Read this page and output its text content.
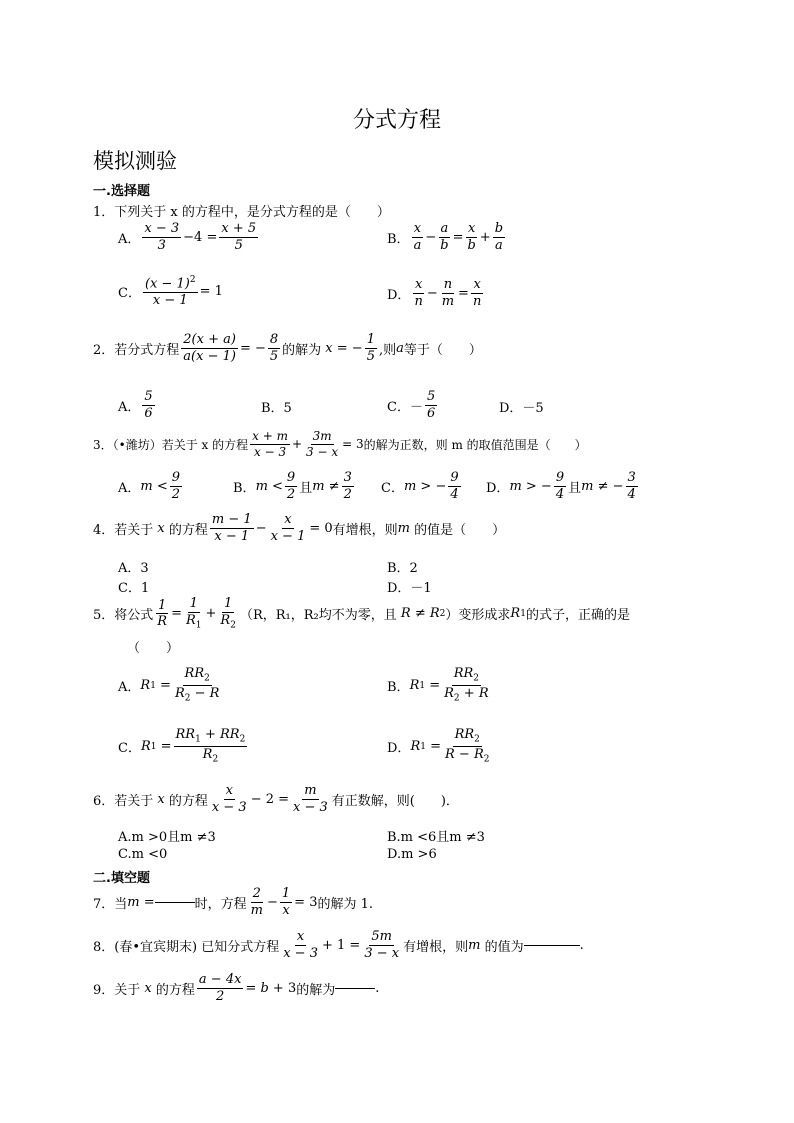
分式方程
模拟测验
一.选择题
1．下列关于 x 的方程中，是分式方程的是（　　）
A． $\frac{x - 3}{3} -4 = \frac{x + 5}{5}$	B． $\frac{x}{a} - \frac{a}{b} = \frac{x}{b} + \frac{b}{a}$
C． $\frac{(x - 1)^2}{x - 1} = 1$	D． $\frac{x}{n} - \frac{n}{m} = \frac{x}{n}$
2．若分式方程 $\frac{2(x + a)}{a(x - 1)}$ = − $\frac{8}{5}$ 的解为
x = − $\frac{1}{5}$ ,则 a 等于（　　）
A． $\frac{5}{6}$	B．5	C．－ $\frac{5}{6}$	D．－5
3．（•潍坊）若关于 x 的方程 $\frac{x + m}{x - 3} + \frac{3m}{3 - x} = 3$ 的解为正数，则 m 的取值范围是（　　）
A． $m < \frac{9}{2}$	B． $m < \frac{9}{2}$ 且 $m \ne \frac{3}{2}$ C． m > − $\frac{9}{4}$ D． m > − $\frac{9}{4}$ 且 m ≠ − $\frac{3}{4}$
4．若关于
x
的方程 $\frac{m - 1}{x - 1} - \frac{x}{x - 1} = 0$ 有增根，则 m
的值是（　　）
A．3	B．2
C．1	D．－1
5．将公式 $\frac{1}{R} = \frac{1}{R_1} + \frac{1}{R_2} (R$，R₁，R₂均不为零，且
R ≠ R 2 ）变形成求 R 1 的式子，正确的是
（　　）
A． R $1 = \frac{RR_2}{R_2 - R}$	B． R $1 = \frac{RR_2}{R_2 + R}$
C． R $1 = \frac{RR_1 + RR_2}{R_2}$	D． R $1 = \frac{RR_2}{R - R_2}$
6．若关于
x
的方程 $\frac{x}{x - 3} - 2 = \frac{m}{x - 3}$ 有正数解，则(　　)．
A.m >0且m ≠3	B.m <6且m ≠3
C.m <0	D.m >6
二.填空题
7．当 m =	时，方程 $\frac{2}{m} - \frac{1}{x} = 3$ 的解为 1.
8．(春•宜宾期末) 已知分式方程 $\frac{x}{x - 3} + 1 = \frac{5m}{3 - x}$ 有增根，则 m
的值为	.
9．关于
x
的方程 $\frac{a - 4x}{2} = b + 3$ 的解为	.
